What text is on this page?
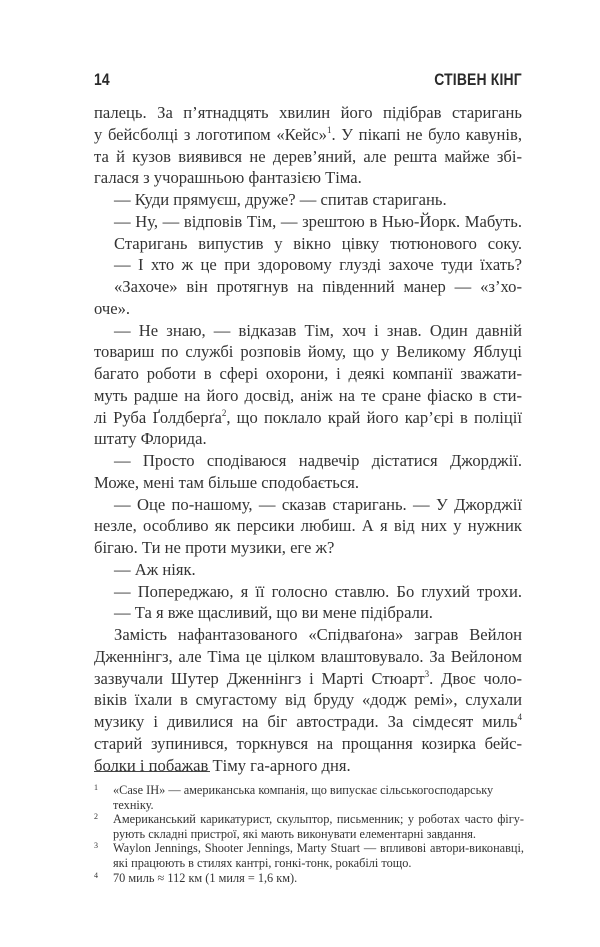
14	СТІВЕН КІНГ
палець. За п’ятнадцять хвилин його підібрав старигань
у бейсболці з логотипом «Кейс»$^1$. У пікапі не було кавунів,
та й кузов виявився не дерев’яний, але решта майже збі-
галася з учорашньою фантазією Тіма.
— Куди прямуєш, друже? — спитав старигань.
— Ну, — відповів Тім, — зрештою в Нью-Йорк. Мабуть.
Старигань випустив у вікно цівку тютюнового соку.
— І хто ж це при здоровому глузді захоче туди їхать?
«Захоче» він протягнув на південний манер — «з’хо-
оче».
— Не знаю, — відказав Тім, хоч і знав. Один давній
товариш по службі розповів йому, що у Великому Яблуці
багато роботи в сфері охорони, і деякі компанії зважати-
муть радше на його досвід, аніж на те сране фіаско в сти-
лі Руба Ґолдберґа$^2$, що поклало край його кар’єрі в поліції
штату Флорида.
— Просто сподіваюся надвечір дістатися Джорджії.
Може, мені там більше сподобається.
— Оце по-нашому, — сказав старигань. — У Джорджії
незле, особливо як персики любиш. А я від них у нужник
бігаю. Ти не проти музики, еге ж?
— Аж ніяк.
— Попереджаю, я її голосно ставлю. Бо глухий трохи.
— Та я вже щасливий, що ви мене підібрали.
Замість нафантазованого «Спідваґона» заграв Вейлон
Дженнінгз, але Тіма це цілком влаштовувало. За Вейлоном
зазвучали Шутер Дженнінгз і Марті Стюарт$^3$. Двоє чоло-
віків їхали в смугастому від бруду «додж ремі», слухали
музику і дивилися на біг автостради. За сімдесят миль$^4$
старий зупинився, торкнувся на прощання козирка бейс-
болки і побажав Тіму га-арного дня.
1 «Case IH» — американська компанія, що випускає сільськогосподарську техніку.
2 Американський карикатурист, скульптор, письменник; у роботах часто фігу-
рують складні пристрої, які мають виконувати елементарні завдання.
3 Waylon Jennings, Shooter Jennings, Marty Stuart — впливові автори-виконавці,
які працюють в стилях кантрі, гонкі-тонк, рокабілі тощо.
4 70 миль ≈ 112 км (1 миля = 1,6 км).
